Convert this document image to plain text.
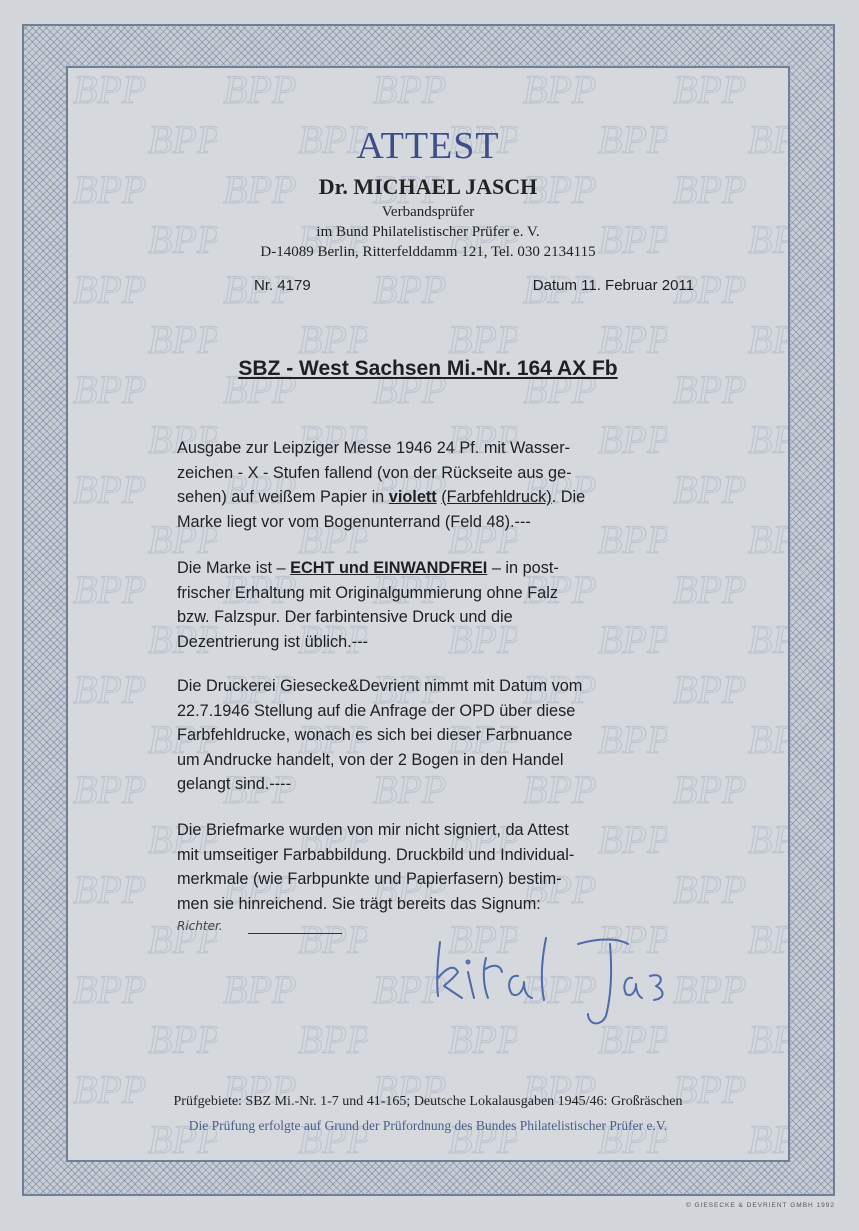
ATTEST
Dr. MICHAEL JASCH
Verbandsprüfer
im Bund Philatelistischer Prüfer e. V.
D-14089 Berlin, Ritterfelddamm 121, Tel. 030 2134115
Nr. 4179	Datum 11. Februar 2011
SBZ - West Sachsen Mi.-Nr. 164 AX Fb
Ausgabe zur Leipziger Messe 1946 24 Pf. mit Wasser-
zeichen - X - Stufen fallend (von der Rückseite aus ge-
sehen) auf weißem Papier in violett (Farbfehldruck). Die
Marke liegt vor vom Bogenunterrand (Feld 48).---
Die Marke ist – ECHT und EINWANDFREI – in post-
frischer Erhaltung mit Originalgummierung ohne Falz
bzw. Falzspur. Der farbintensive Druck und die
Dezentrierung ist üblich.---
Die Druckerei Giesecke&Devrient nimmt mit Datum vom
22.7.1946 Stellung auf die Anfrage der OPD über diese
Farbfehldrucke, wonach es sich bei dieser Farbnuance
um Andrucke handelt, von der 2 Bogen in den Handel
gelangt sind.----
Die Briefmarke wurden von mir nicht signiert, da Attest
mit umseitiger Farbabbildung. Druckbild und Individual-
merkmale (wie Farbpunkte und Papierfasern) bestim-
men sie hinreichend. Sie trägt bereits das Signum:
Richter.
Prüfgebiete: SBZ Mi.-Nr. 1-7 und 41-165; Deutsche Lokalausgaben 1945/46: Großräschen
Die Prüfung erfolgte auf Grund der Prüfordnung des Bundes Philatelistischer Prüfer e.V.
© GIESECKE & DEVRIENT GMBH 1992
